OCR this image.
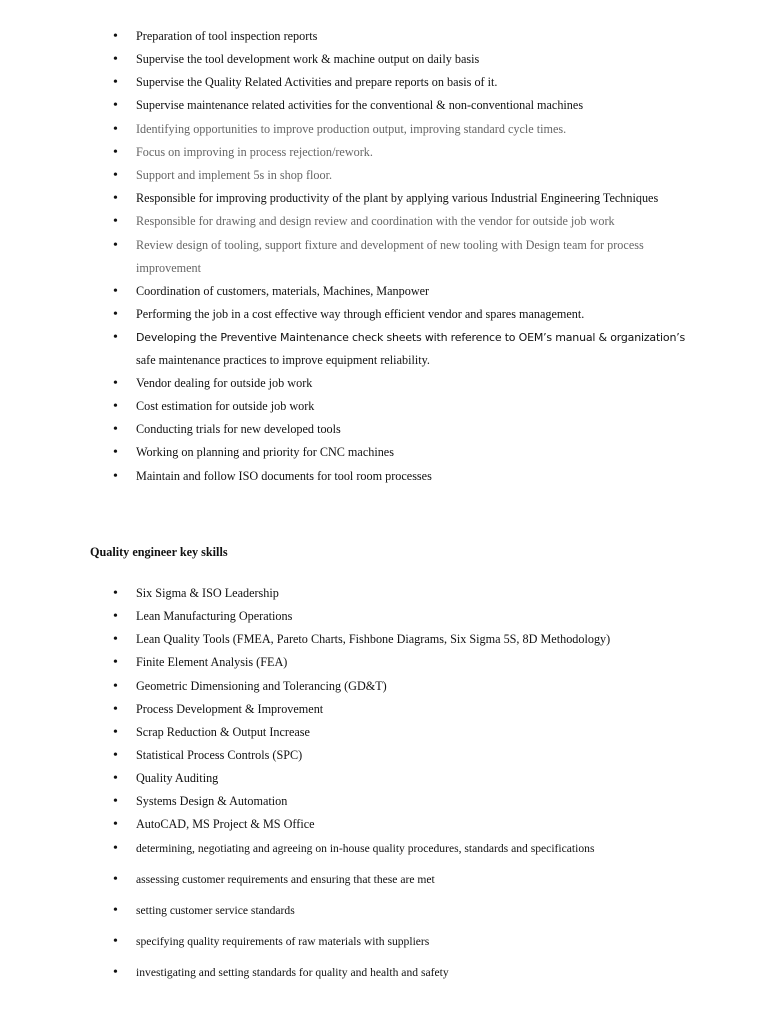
• Preparation of tool inspection reports
• Supervise the tool development work & machine output on daily basis
• Supervise the Quality Related Activities and prepare reports on basis of it.
• Supervise maintenance related activities for the conventional & non-conventional machines
• Identifying opportunities to improve production output, improving standard cycle times.
• Focus on improving in process rejection/rework.
• Support and implement 5s in shop floor.
• Responsible for improving productivity of the plant by applying various Industrial Engineering Techniques
• Responsible for drawing and design review and coordination with the vendor for outside job work
• Review design of tooling, support fixture and development of new tooling with Design team for process
improvement
• Coordination of customers, materials, Machines, Manpower
• Performing the job in a cost effective way through efficient vendor and spares management.
• Developing the Preventive Maintenance check sheets with reference to OEM’s manual & organization’s
safe maintenance practices to improve equipment reliability.
• Vendor dealing for outside job work
• Cost estimation for outside job work
• Conducting trials for new developed tools
• Working on planning and priority for CNC machines
• Maintain and follow ISO documents for tool room processes
Quality engineer key skills
• Six Sigma & ISO Leadership
• Lean Manufacturing Operations
• Lean Quality Tools (FMEA, Pareto Charts, Fishbone Diagrams, Six Sigma 5S, 8D Methodology)
• Finite Element Analysis (FEA)
• Geometric Dimensioning and Tolerancing (GD&T)
• Process Development & Improvement
• Scrap Reduction & Output Increase
• Statistical Process Controls (SPC)
• Quality Auditing
• Systems Design & Automation
• AutoCAD, MS Project & MS Office
• determining, negotiating and agreeing on in-house quality procedures, standards and specifications
• assessing customer requirements and ensuring that these are met
• setting customer service standards
• specifying quality requirements of raw materials with suppliers
• investigating and setting standards for quality and health and safety
